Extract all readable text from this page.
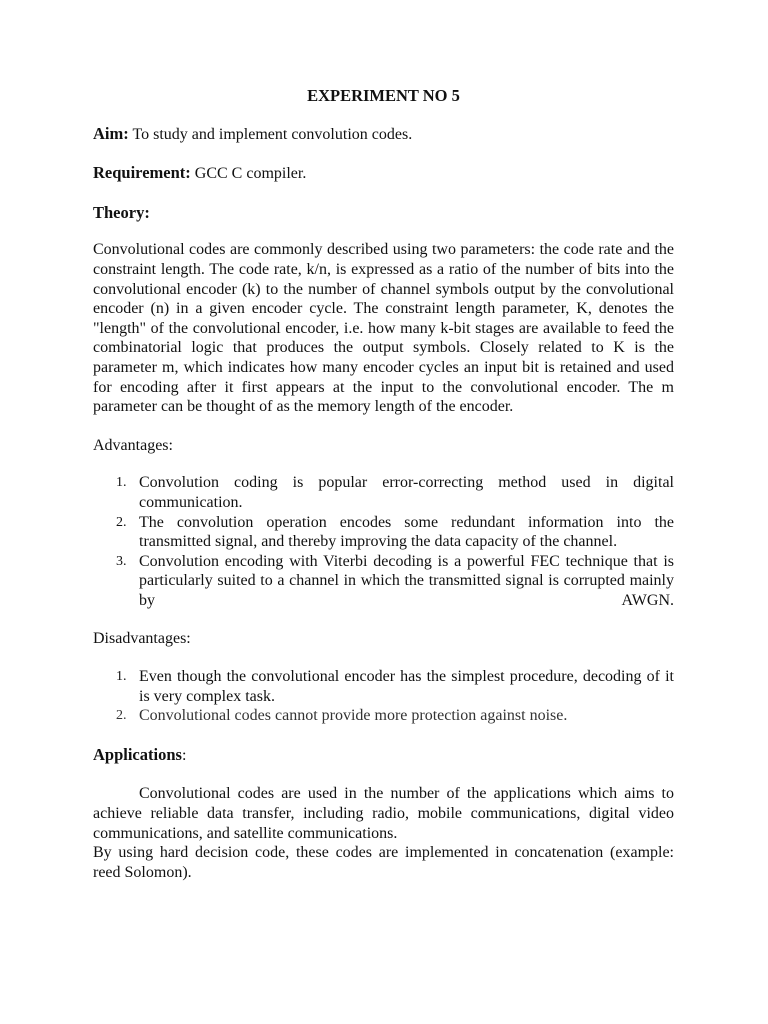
EXPERIMENT NO 5
Aim: To study and implement convolution codes.
Requirement: GCC C compiler.
Theory:

Convolutional codes are commonly described using two parameters: the code rate and the constraint length. The code rate, k/n, is expressed as a ratio of the number of bits into the convolutional encoder (k) to the number of channel symbols output by the convolutional encoder (n) in a given encoder cycle. The constraint length parameter, K, denotes the "length" of the convolutional encoder, i.e. how many k-bit stages are available to feed the combinatorial logic that produces the output symbols. Closely related to K is the parameter m, which indicates how many encoder cycles an input bit is retained and used for encoding after it first appears at the input to the convolutional encoder. The m parameter can be thought of as the memory length of the encoder.

Advantages:

1. Convolution coding is popular error-correcting method used in digital communication.
2. The convolution operation encodes some redundant information into the transmitted signal, and thereby improving the data capacity of the channel.
3. Convolution encoding with Viterbi decoding is a powerful FEC technique that is particularly suited to a channel in which the transmitted signal is corrupted mainly by AWGN.

Disadvantages:

1. Even though the convolutional encoder has the simplest procedure, decoding of it is very complex task.
2. Convolutional codes cannot provide more protection against noise.
Applications:

Convolutional codes are used in the number of the applications which aims to achieve reliable data transfer, including radio, mobile communications, digital video communications, and satellite communications.

By using hard decision code, these codes are implemented in concatenation (example: reed Solomon).
